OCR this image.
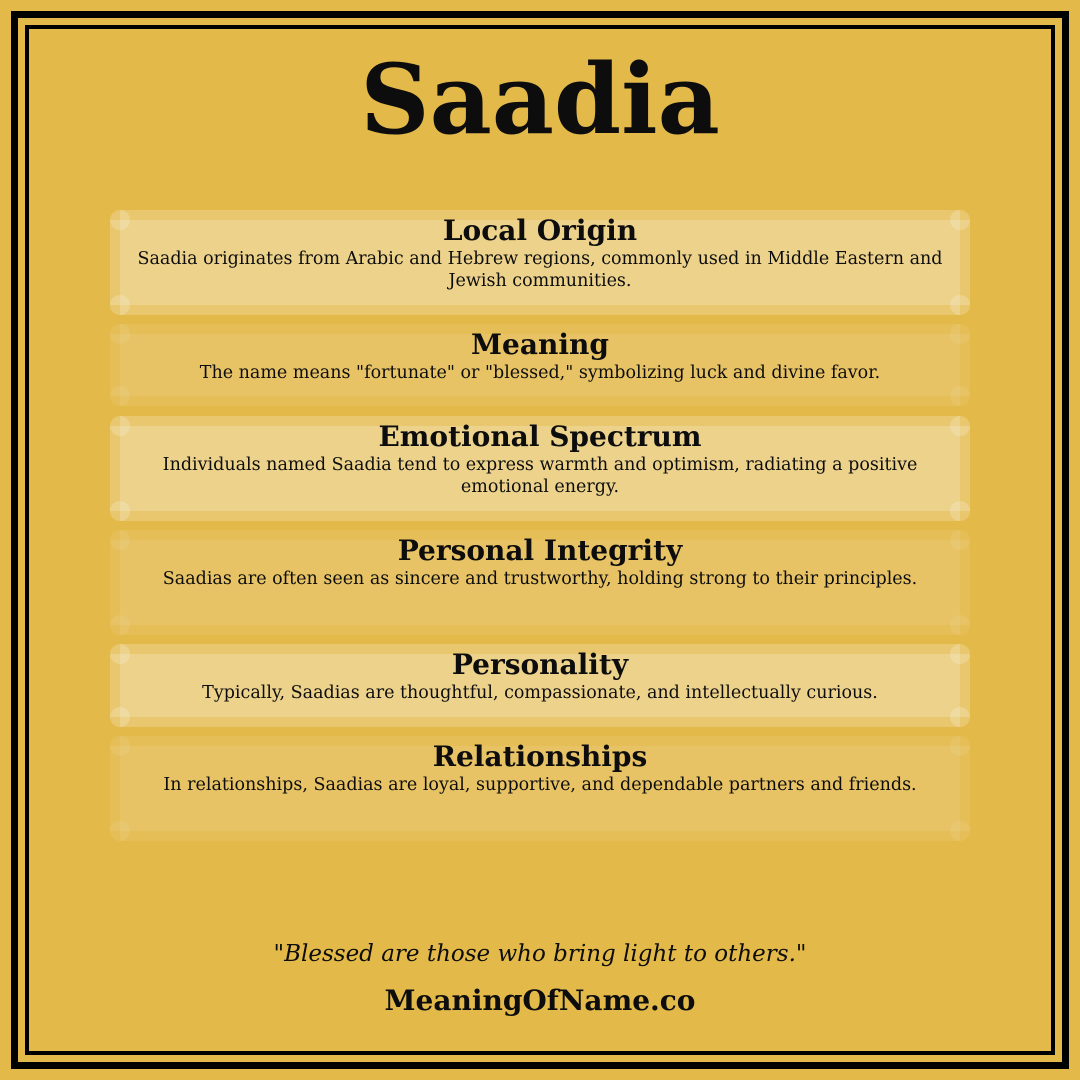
Saadia
Local Origin
Saadia originates from Arabic and Hebrew regions, commonly used in Middle Eastern and Jewish communities.
Meaning
The name means "fortunate" or "blessed," symbolizing luck and divine favor.
Emotional Spectrum
Individuals named Saadia tend to express warmth and optimism, radiating a positive emotional energy.
Personal Integrity
Saadias are often seen as sincere and trustworthy, holding strong to their principles.
Personality
Typically, Saadias are thoughtful, compassionate, and intellectually curious.
Relationships
In relationships, Saadias are loyal, supportive, and dependable partners and friends.
"Blessed are those who bring light to others."
MeaningOfName.co
